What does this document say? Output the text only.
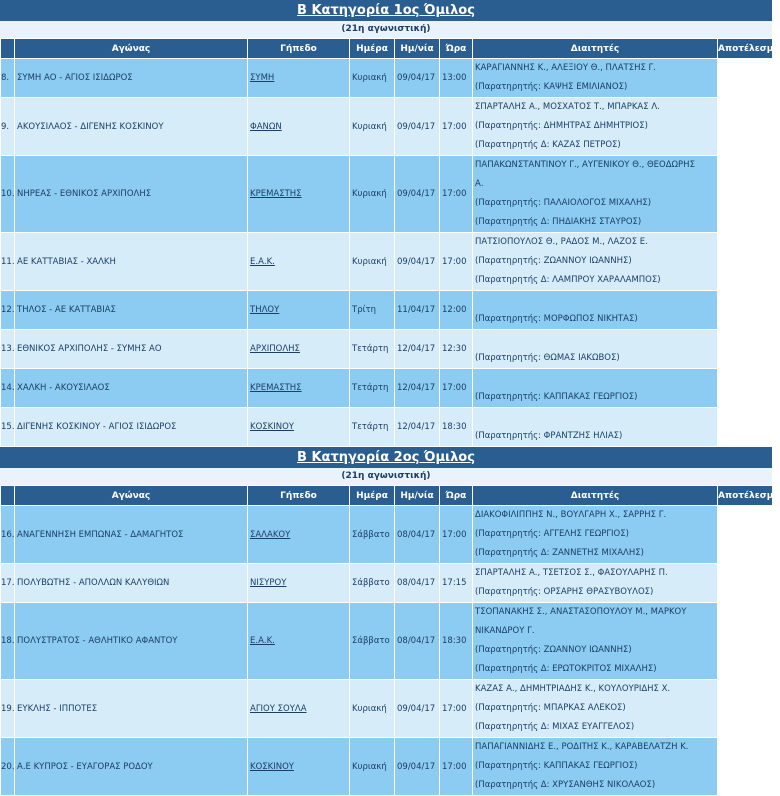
Β Κατηγορία 1ος Όμιλος
(21η αγωνιστική)
	Αγώνας	Γήπεδο	Ημέρα	Ημ/νία	Ώρα	Διαιτητές	Αποτέλεσμα
8.	ΣΥΜΗ ΑΟ - ΑΓΙΟΣ ΙΣΙΔΩΡΟΣ	ΣΥΜΗ	Κυριακή	09/04/17	13:00	ΚΑΡΑΓΙΑΝΝΗΣ Κ., ΑΛΕΞΙΟΥ Θ., ΠΛΑΤΣΗΣ Γ.
(Παρατηρητής: ΚΑΨΗΣ ΕΜΙΛΙΑΝΟΣ)	

9.	ΑΚΟΥΣΙΛΑΟΣ - ΔΙΓΕΝΗΣ ΚΟΣΚΙΝΟΥ	ΦΑΝΩΝ	Κυριακή	09/04/17	17:00	ΣΠΑΡΤΑΛΗΣ Α., ΜΟΣΧΑΤΟΣ Τ., ΜΠΑΡΚΑΣ Λ.
(Παρατηρητής: ΔΗΜΗΤΡΑΣ ΔΗΜΗΤΡΙΟΣ)
(Παρατηρητής Δ: ΚΑΖΑΣ ΠΕΤΡΟΣ)	

10.	ΝΗΡΕΑΣ - ΕΘΝΙΚΟΣ ΑΡΧΙΠΟΛΗΣ	ΚΡΕΜΑΣΤΗΣ	Κυριακή	09/04/17	17:00	ΠΑΠΑΚΩΝΣΤΑΝΤΙΝΟΥ Γ., ΑΥΓΕΝΙΚΟΥ Θ., ΘΕΟΔΩΡΗΣ
Α.
(Παρατηρητής: ΠΑΛΑΙΟΛΟΓΟΣ ΜΙΧΑΛΗΣ)
(Παρατηρητής Δ: ΠΗΔΙΑΚΗΣ ΣΤΑΥΡΟΣ)	

11.	ΑΕ ΚΑΤΤΑΒΙΑΣ - ΧΑΛΚΗ	Ε.Α.Κ.	Κυριακή	09/04/17	17:00	ΠΑΤΣΙΟΠΟΥΛΟΣ Θ., ΡΑΔΟΣ Μ., ΛΑΖΟΣ Ε.
(Παρατηρητής: ΖΩΑΝΝΟΥ ΙΩΑΝΝΗΣ)
(Παρατηρητής Δ: ΛΑΜΠΡΟΥ ΧΑΡΑΛΑΜΠΟΣ)	

12.	ΤΗΛΟΣ - ΑΕ ΚΑΤΤΑΒΙΑΣ	ΤΗΛΟΥ	Τρίτη	11/04/17	12:00	(Παρατηρητής: ΜΟΡΦΩΠΟΣ ΝΙΚΗΤΑΣ)	

13.	ΕΘΝΙΚΟΣ ΑΡΧΙΠΟΛΗΣ - ΣΥΜΗΣ ΑΟ	ΑΡΧΙΠΟΛΗΣ	Τετάρτη	12/04/17	12:30	(Παρατηρητής: ΘΩΜΑΣ ΙΑΚΩΒΟΣ)	

14.	ΧΑΛΚΗ - ΑΚΟΥΣΙΛΑΟΣ	ΚΡΕΜΑΣΤΗΣ	Τετάρτη	12/04/17	17:00	(Παρατηρητής: ΚΑΠΠΑΚΑΣ ΓΕΩΡΓΙΟΣ)	

15.	ΔΙΓΕΝΗΣ ΚΟΣΚΙΝΟΥ - ΑΓΙΟΣ ΙΣΙΔΩΡΟΣ	ΚΟΣΚΙΝΟΥ	Τετάρτη	12/04/17	18:30	(Παρατηρητής: ΦΡΑΝΤΖΗΣ ΗΛΙΑΣ)	

Β Κατηγορία 2ος Όμιλος
(21η αγωνιστική)
	Αγώνας	Γήπεδο	Ημέρα	Ημ/νία	Ώρα	Διαιτητές	Αποτέλεσμα
16.	ΑΝΑΓΕΝΝΗΣΗ ΕΜΠΩΝΑΣ - ΔΑΜΑΓΗΤΟΣ	ΣΑΛΑΚΟΥ	Σάββατο	08/04/17	17:00	ΔΙΑΚΟΦΙΛΙΠΠΗΣ Ν., ΒΟΥΛΓΑΡΗ Χ., ΣΑΡΡΗΣ Γ.
(Παρατηρητής: ΑΓΓΕΛΗΣ ΓΕΩΡΓΙΟΣ)
(Παρατηρητής Δ: ΖΑΝΝΕΤΗΣ ΜΙΧΑΛΗΣ)	

17.	ΠΟΛΥΒΩΤΗΣ - ΑΠΟΛΛΩΝ ΚΑΛΥΘΙΩΝ	ΝΙΣΥΡΟΥ	Σάββατο	08/04/17	17:15	ΣΠΑΡΤΑΛΗΣ Α., ΤΣΕΤΣΟΣ Σ., ΦΑΣΟΥΛΑΡΗΣ Π.
(Παρατηρητής: ΟΡΣΑΡΗΣ ΘΡΑΣΥΒΟΥΛΟΣ)	

18.	ΠΟΛΥΣΤΡΑΤΟΣ - ΑΘΛΗΤΙΚΟ ΑΦΑΝΤΟΥ	Ε.Α.Κ.	Σάββατο	08/04/17	18:30	ΤΣΟΠΑΝΑΚΗΣ Σ., ΑΝΑΣΤΑΣΟΠΟΥΛΟΥ Μ., ΜΑΡΚΟΥ
ΝΙΚΑΝΔΡΟΥ Γ.
(Παρατηρητής: ΖΩΑΝΝΟΥ ΙΩΑΝΝΗΣ)
(Παρατηρητής Δ: ΕΡΩΤΟΚΡΙΤΟΣ ΜΙΧΑΛΗΣ)	

19.	ΕΥΚΛΗΣ - ΙΠΠΟΤΕΣ	ΑΓΙΟΥ ΣΟΥΛΑ	Κυριακή	09/04/17	17:00	ΚΑΖΑΣ Α., ΔΗΜΗΤΡΙΑΔΗΣ Κ., ΚΟΥΛΟΥΡΙΔΗΣ Χ.
(Παρατηρητής: ΜΠΑΡΚΑΣ ΑΛΕΚΟΣ)
(Παρατηρητής Δ: ΜΙΧΑΣ ΕΥΑΓΓΕΛΟΣ)	

20.	Α.Ε ΚΥΠΡΟΣ - ΕΥΑΓΟΡΑΣ ΡΟΔΟΥ	ΚΟΣΚΙΝΟΥ	Κυριακή	09/04/17	17:00	ΠΑΠΑΓΙΑΝΝΙΔΗΣ Ε., ΡΟΔΙΤΗΣ Κ., ΚΑΡΑΒΕΛΑΤΖΗ Κ.
(Παρατηρητής: ΚΑΠΠΑΚΑΣ ΓΕΩΡΓΙΟΣ)
(Παρατηρητής Δ: ΧΡΥΣΑΝΘΗΣ ΝΙΚΟΛΑΟΣ)	
